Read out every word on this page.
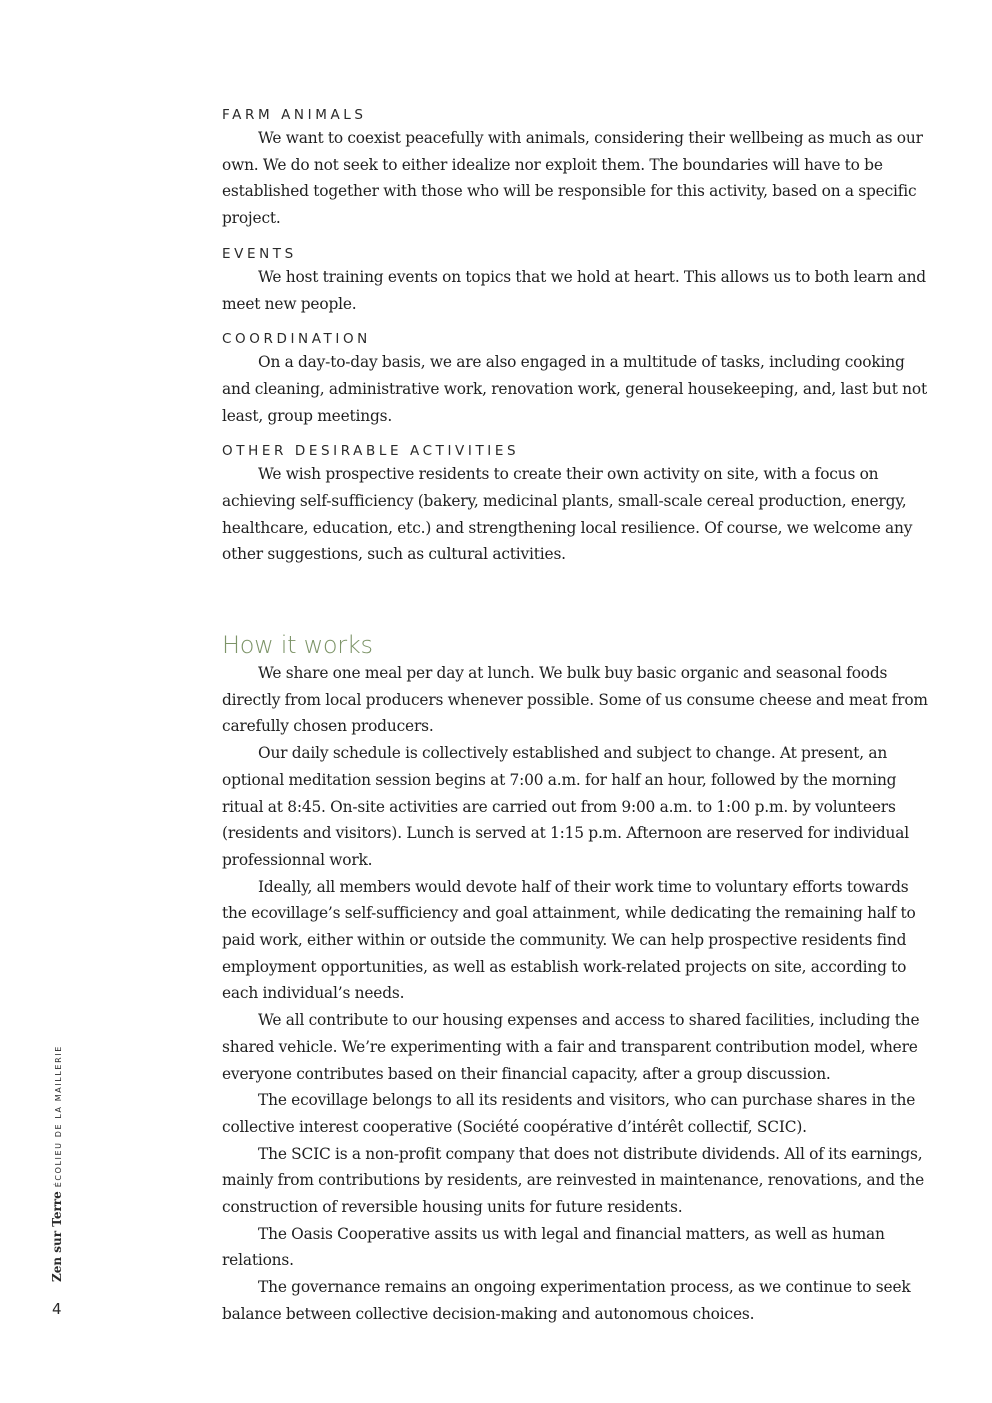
FARM ANIMALS

We want to coexist peacefully with animals, considering their wellbeing as much as our own. We do not seek to either idealize nor exploit them. The boundaries will have to be established together with those who will be responsible for this activity, based on a specific project.

EVENTS

We host training events on topics that we hold at heart. This allows us to both learn and meet new people.

COORDINATION

On a day-to-day basis, we are also engaged in a multitude of tasks, including cooking and cleaning, administrative work, renovation work, general housekeeping, and, last but not least, group meetings.

OTHER DESIRABLE ACTIVITIES

We wish prospective residents to create their own activity on site, with a focus on achieving self-sufficiency (bakery, medicinal plants, small-scale cereal production, energy, healthcare, education, etc.) and strengthening local resilience. Of course, we welcome any other suggestions, such as cultural activities.

How it works

We share one meal per day at lunch. We bulk buy basic organic and seasonal foods directly from local producers whenever possible. Some of us consume cheese and meat from carefully chosen producers.

Our daily schedule is collectively established and subject to change. At present, an optional meditation session begins at 7:00 a.m. for half an hour, followed by the morning ritual at 8:45. On-site activities are carried out from 9:00 a.m. to 1:00 p.m. by volunteers (residents and visitors). Lunch is served at 1:15 p.m. Afternoon are reserved for individual professionnal work.

Ideally, all members would devote half of their work time to voluntary efforts towards the ecovillage’s self-sufficiency and goal attainment, while dedicating the remaining half to paid work, either within or outside the community. We can help prospective residents find employment opportunities, as well as establish work-related projects on site, according to each individual’s needs.

We all contribute to our housing expenses and access to shared facilities, including the shared vehicle. We’re experimenting with a fair and transparent contribution model, where everyone contributes based on their financial capacity, after a group discussion.

The ecovillage belongs to all its residents and visitors, who can purchase shares in the collective interest cooperative (Société coopérative d’intérêt collectif, SCIC).

The SCIC is a non-profit company that does not distribute dividends. All of its earnings, mainly from contributions by residents, are reinvested in maintenance, renovations, and the construction of reversible housing units for future residents.

The Oasis Cooperative assits us with legal and financial matters, as well as human relations.

The governance remains an ongoing experimentation process, as we continue to seek balance between collective decision-making and autonomous choices.

Zen sur TerreÉCOLIEU DE LA MAILLERIE
4
